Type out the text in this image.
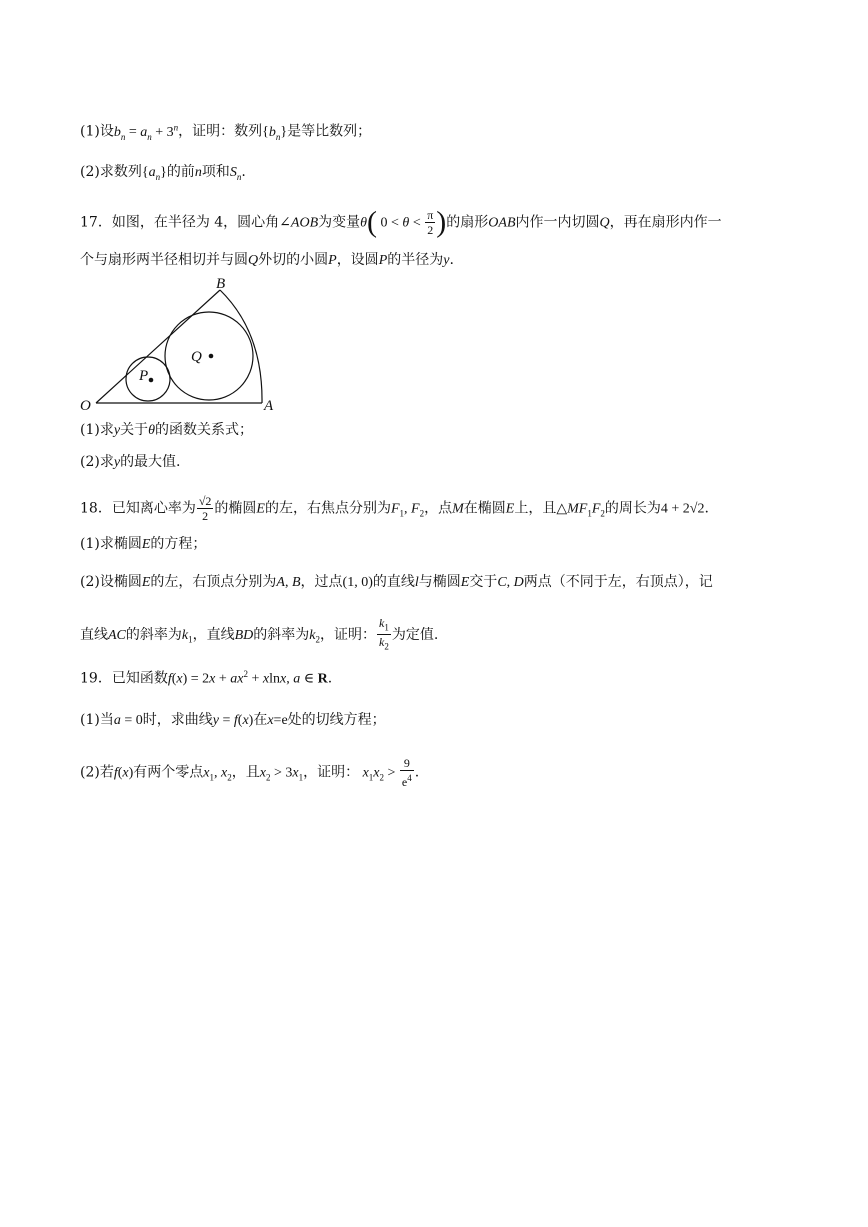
(1)设$b_n = a_n + 3^n$，证明：数列$\{b_n\}$是等比数列；
(2)求数列$\{a_n\}$的前n项和$S_n$.
17．如图，在半径为 4，圆心角∠AOB为变量θ( $0 < \theta < \frac{\pi}{2}$ )的扇形OAB内作一内切圆Q，再在扇形内作一
个与扇形两半径相切并与圆Q外切的小圆P，设圆P的半径为y.
B
Q
P
O	A
(1)求y关于θ的函数关系式；
(2)求y的最大值.
18．已知离心率为 $\frac{√2}{2}$ 的椭圆E的左，右焦点分别为$F_1$, $F_2$，点M在椭圆E上，且$\triangle MF_1F_2$的周长为4 + 2√2.
(1)求椭圆E的方程；
(2)设椭圆E的左，右顶点分别为A, B，过点(1, 0)的直线l与椭圆E交于C, D两点（不同于左，右顶点），记
直线AC的斜率为$k_1$，直线BD的斜率为$k_2$，证明： $\frac{k_1}{k_2}$ 为定值.
19．已知函数$f(x) = 2x + ax^2 + xlnx$, a ∈ R.
(1)当a = 0时，求曲线y = f(x)在x=e处的切线方程；
(2)若f(x)有两个零点$x_1$, $x_2$，且$x_2 > 3x_1$，证明： $x_1x_2 > \frac{9}{e^4}$ .
